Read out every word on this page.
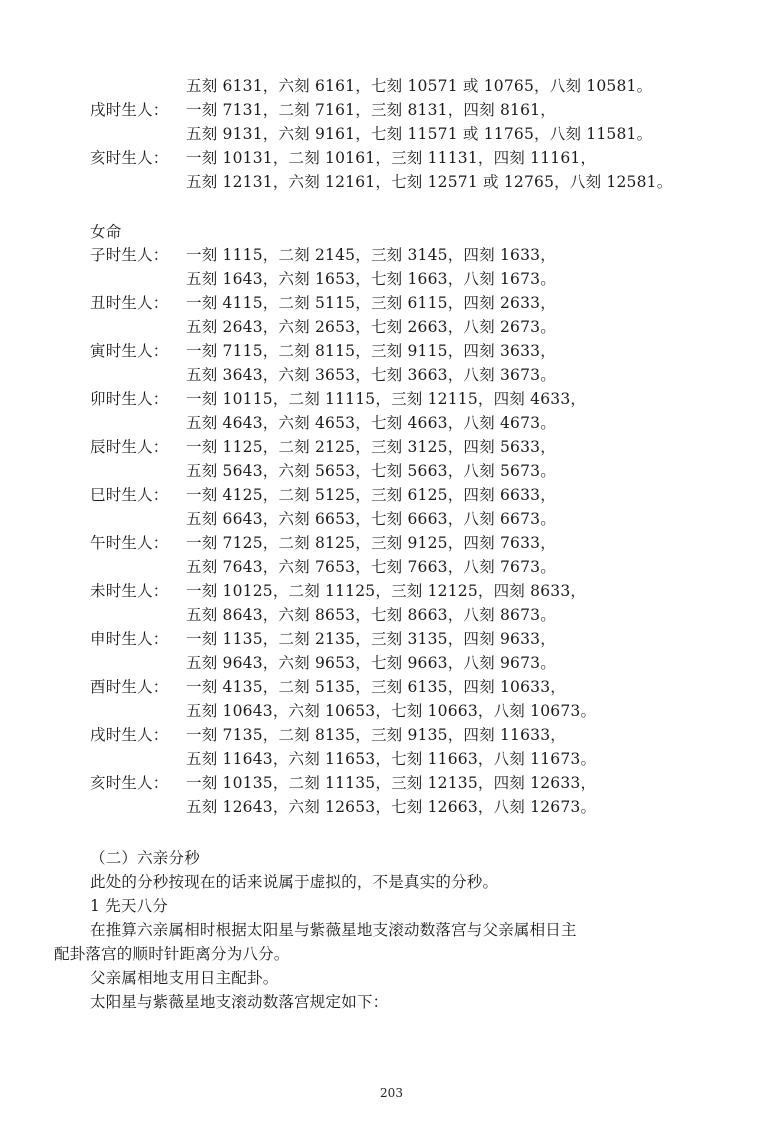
五刻 6131，六刻 6161，七刻 10571 或 10765，八刻 10581。
戌时生人： 一刻 7131，二刻 7161，三刻 8131，四刻 8161，
五刻 9131，六刻 9161，七刻 11571 或 11765，八刻 11581。
亥时生人： 一刻 10131，二刻 10161，三刻 11131，四刻 11161，
五刻 12131，六刻 12161，七刻 12571 或 12765，八刻 12581。
女命
子时生人： 一刻 1115，二刻 2145，三刻 3145，四刻 1633，
五刻 1643，六刻 1653，七刻 1663，八刻 1673。
丑时生人： 一刻 4115，二刻 5115，三刻 6115，四刻 2633，
五刻 2643，六刻 2653，七刻 2663，八刻 2673。
寅时生人： 一刻 7115，二刻 8115，三刻 9115，四刻 3633，
五刻 3643，六刻 3653，七刻 3663，八刻 3673。
卯时生人： 一刻 10115，二刻 11115，三刻 12115，四刻 4633，
五刻 4643，六刻 4653，七刻 4663，八刻 4673。
辰时生人： 一刻 1125，二刻 2125，三刻 3125，四刻 5633，
五刻 5643，六刻 5653，七刻 5663，八刻 5673。
巳时生人： 一刻 4125，二刻 5125，三刻 6125，四刻 6633，
五刻 6643，六刻 6653，七刻 6663，八刻 6673。
午时生人： 一刻 7125，二刻 8125，三刻 9125，四刻 7633，
五刻 7643，六刻 7653，七刻 7663，八刻 7673。
未时生人： 一刻 10125，二刻 11125，三刻 12125，四刻 8633，
五刻 8643，六刻 8653，七刻 8663，八刻 8673。
申时生人： 一刻 1135，二刻 2135，三刻 3135，四刻 9633，
五刻 9643，六刻 9653，七刻 9663，八刻 9673。
酉时生人： 一刻 4135，二刻 5135，三刻 6135，四刻 10633，
五刻 10643，六刻 10653，七刻 10663，八刻 10673。
戌时生人： 一刻 7135，二刻 8135，三刻 9135，四刻 11633，
五刻 11643，六刻 11653，七刻 11663，八刻 11673。
亥时生人： 一刻 10135，二刻 11135，三刻 12135，四刻 12633，
五刻 12643，六刻 12653，七刻 12663，八刻 12673。
（二）六亲分秒
此处的分秒按现在的话来说属于虚拟的，不是真实的分秒。
1 先天八分
在推算六亲属相时根据太阳星与紫薇星地支滚动数落宫与父亲属相日主
配卦落宫的顺时针距离分为八分。
父亲属相地支用日主配卦。
太阳星与紫薇星地支滚动数落宫规定如下：
203
